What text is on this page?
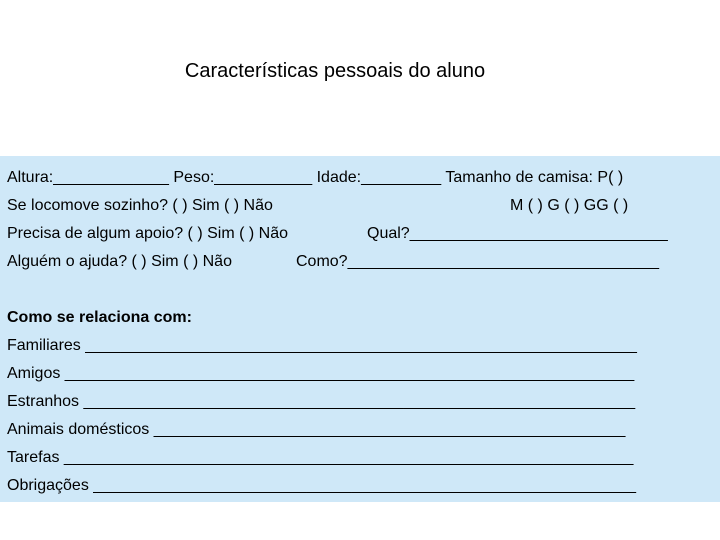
Características pessoais do aluno
Altura:_____________ Peso:___________ Idade:_________ Tamanho de camisa: P( )
Se locomove sozinho? ( ) Sim ( ) Não	M ( ) G ( ) GG ( )
Precisa de algum apoio? ( ) Sim ( ) Não	Qual?_____________________________
Alguém o ajuda? ( ) Sim ( ) Não	Como?___________________________________
Como se relaciona com:
Familiares ______________________________________________________________
Amigos ________________________________________________________________
Estranhos ______________________________________________________________
Animais domésticos _____________________________________________________
Tarefas ________________________________________________________________
Obrigações _____________________________________________________________
